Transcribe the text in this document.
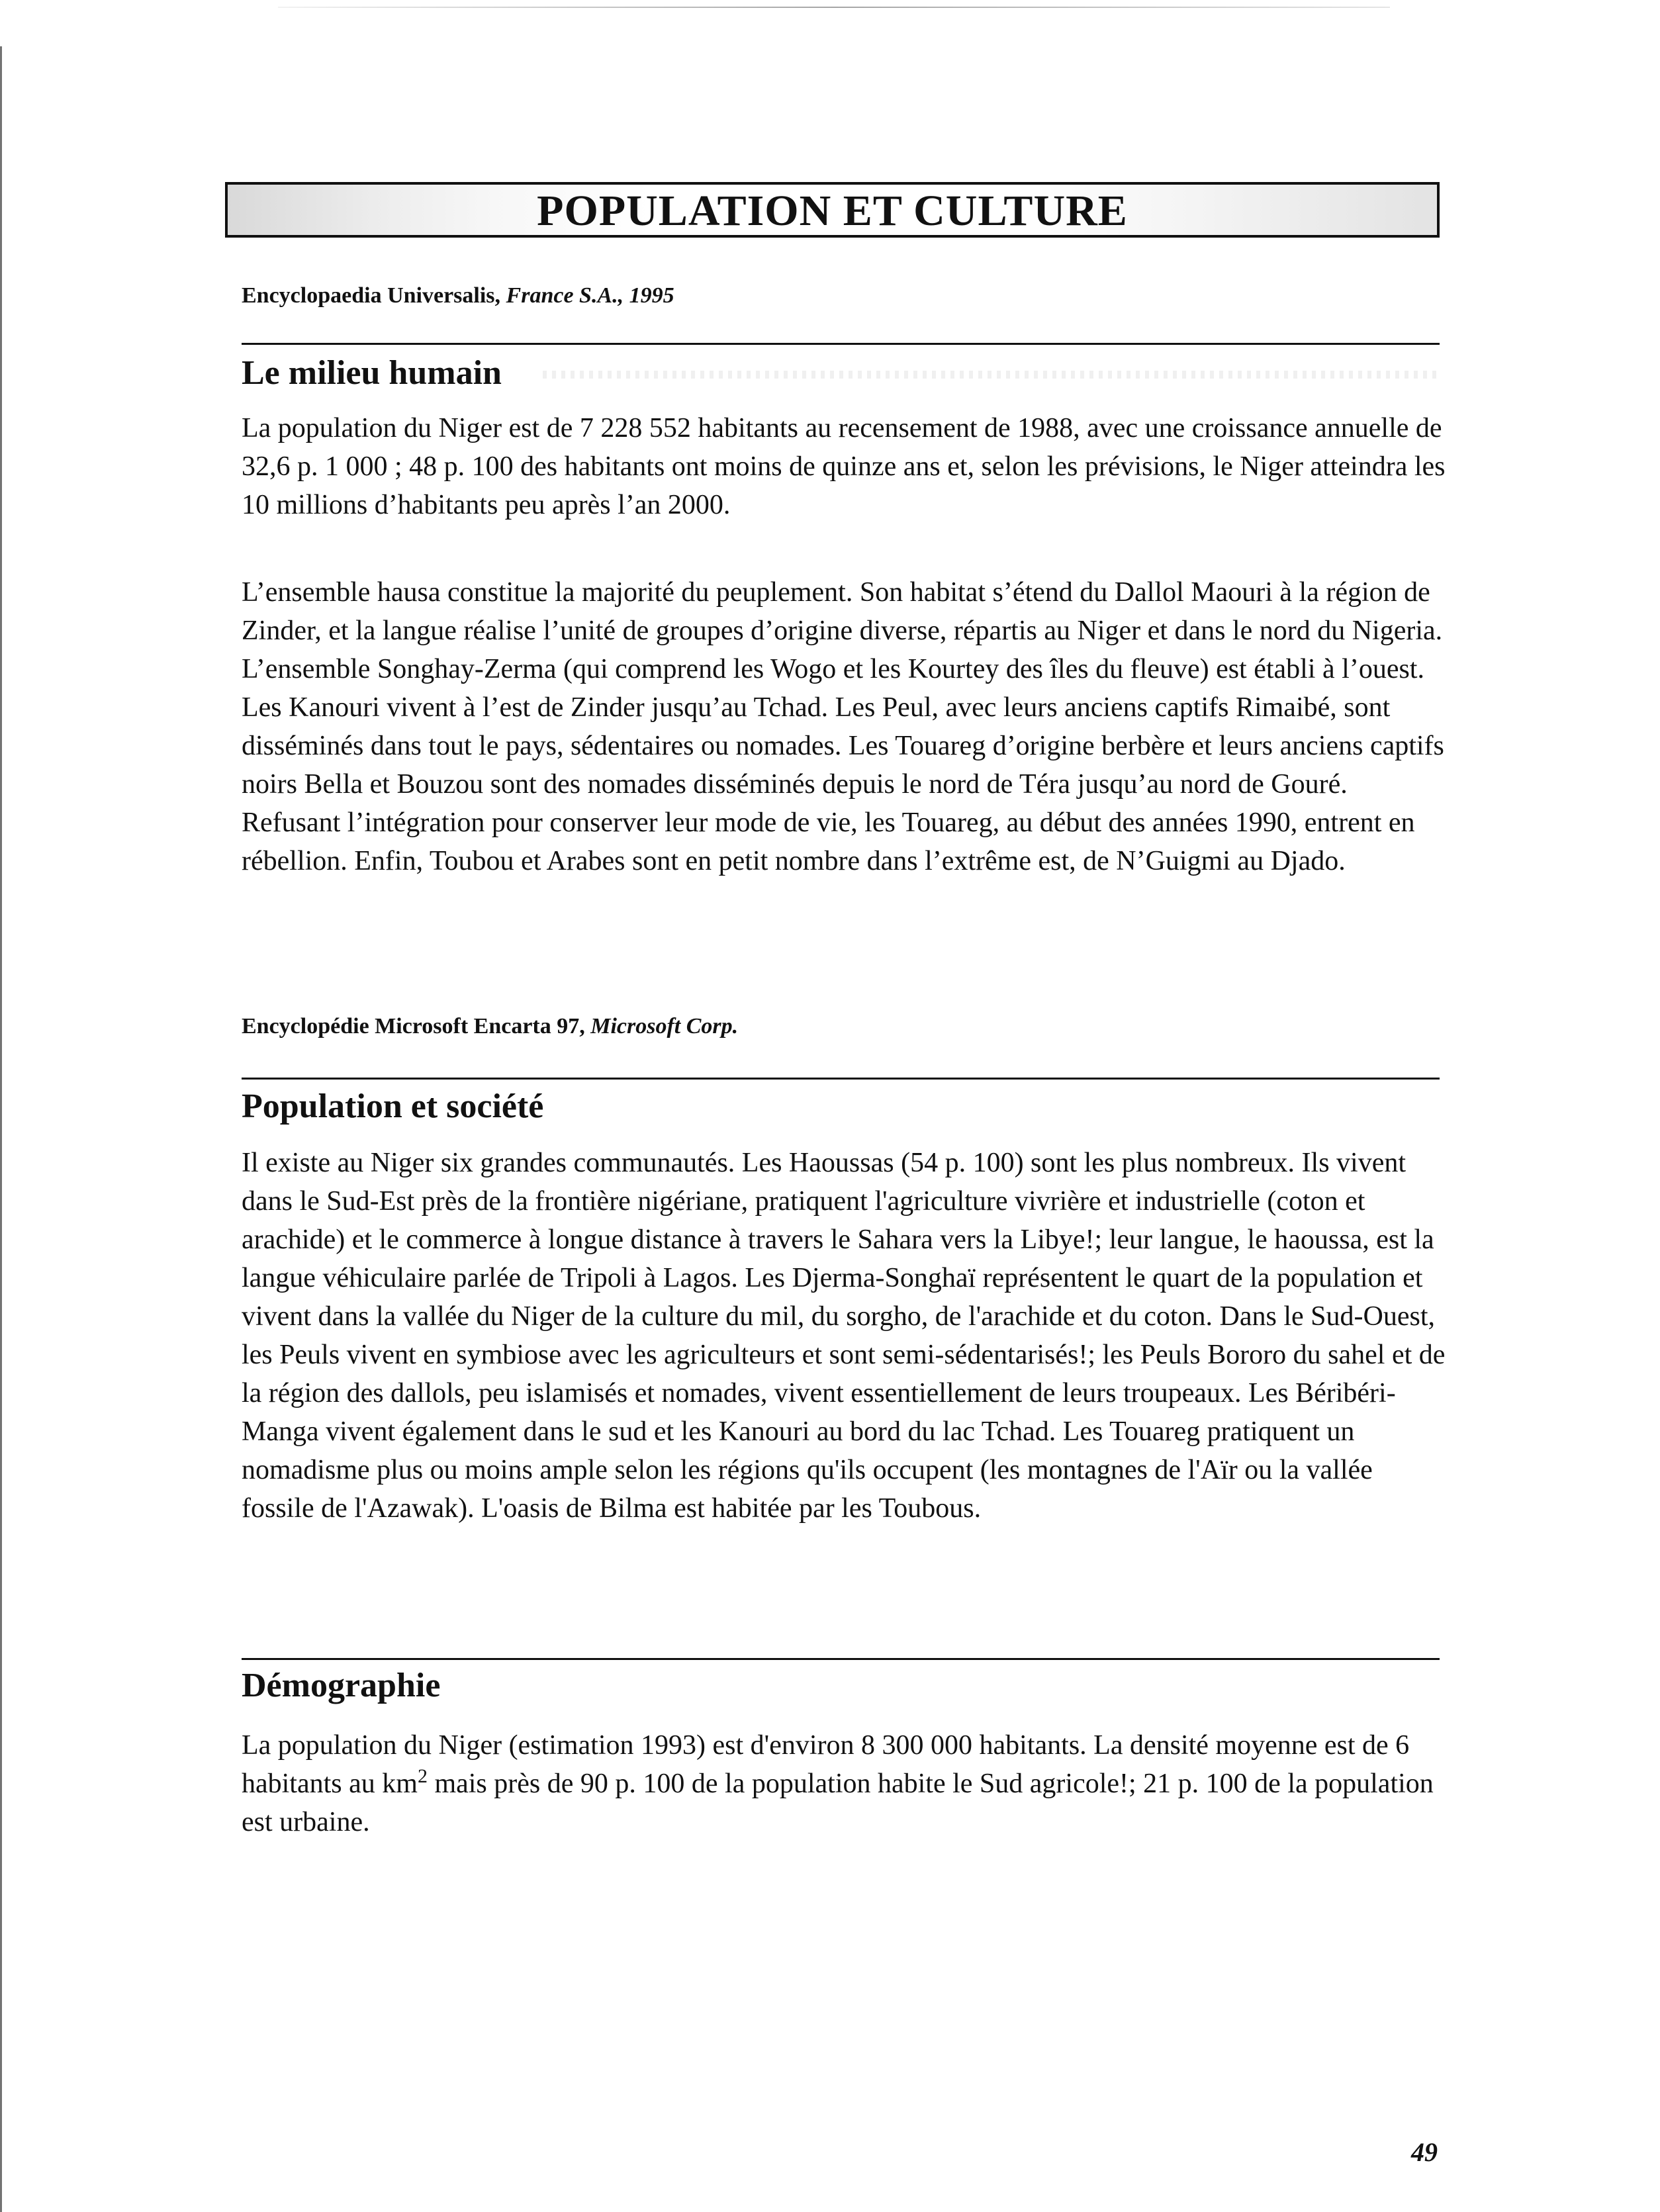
POPULATION ET CULTURE
Encyclopaedia Universalis, France S.A., 1995
Le milieu humain

La population du Niger est de 7 228 552 habitants au recensement de 1988, avec une croissance annuelle de 32,6 p. 1 000 ; 48 p. 100 des habitants ont moins de quinze ans et, selon les prévisions, le Niger atteindra les 10 millions d’habitants peu après l’an 2000.

L’ensemble hausa constitue la majorité du peuplement. Son habitat s’étend du Dallol Maouri à la région de Zinder, et la langue réalise l’unité de groupes d’origine diverse, répartis au Niger et dans le nord du Nigeria. L’ensemble Songhay-Zerma (qui comprend les Wogo et les Kourtey des îles du fleuve) est établi à l’ouest. Les Kanouri vivent à l’est de Zinder jusqu’au Tchad. Les Peul, avec leurs anciens captifs Rimaibé, sont disséminés dans tout le pays, sédentaires ou nomades. Les Touareg d’origine berbère et leurs anciens captifs noirs Bella et Bouzou sont des nomades disséminés depuis le nord de Téra jusqu’au nord de Gouré. Refusant l’intégration pour conserver leur mode de vie, les Touareg, au début des années 1990, entrent en rébellion. Enfin, Toubou et Arabes sont en petit nombre dans l’extrême est, de N’Guigmi au Djado.

Encyclopédie Microsoft Encarta 97, Microsoft Corp.
Population et société

Il existe au Niger six grandes communautés. Les Haoussas (54 p. 100) sont les plus nombreux. Ils vivent dans le Sud-Est près de la frontière nigériane, pratiquent l'agriculture vivrière et industrielle (coton et arachide) et le commerce à longue distance à travers le Sahara vers la Libye!; leur langue, le haoussa, est la langue véhiculaire parlée de Tripoli à Lagos. Les Djerma-Songhaï représentent le quart de la population et vivent dans la vallée du Niger de la culture du mil, du sorgho, de l'arachide et du coton. Dans le Sud-Ouest, les Peuls vivent en symbiose avec les agriculteurs et sont semi-sédentarisés!; les Peuls Bororo du sahel et de la région des dallols, peu islamisés et nomades, vivent essentiellement de leurs troupeaux. Les Béribéri-Manga vivent également dans le sud et les Kanouri au bord du lac Tchad. Les Touareg pratiquent un nomadisme plus ou moins ample selon les régions qu'ils occupent (les montagnes de l'Aïr ou la vallée fossile de l'Azawak). L'oasis de Bilma est habitée par les Toubous.

Démographie

La population du Niger (estimation 1993) est d'environ 8 300 000 habitants. La densité moyenne est de 6 habitants au $km^2$ mais près de 90 p. 100 de la population habite le Sud agricole!; 21 p. 100 de la population est urbaine.

49
